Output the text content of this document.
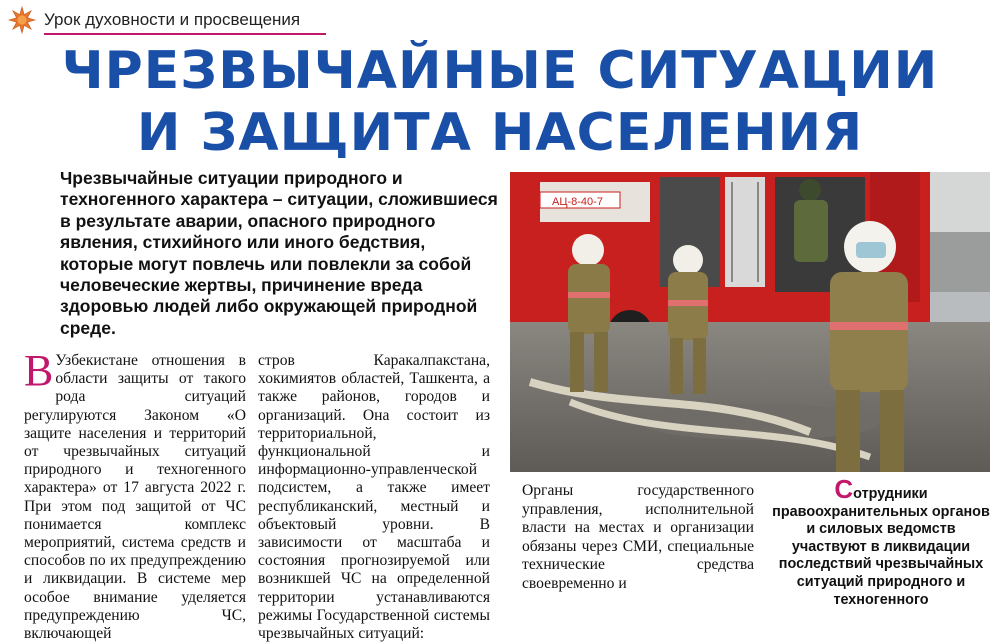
Урок духовности и просвещения
ЧРЕЗВЫЧАЙНЫЕ СИТУАЦИИ
И ЗАЩИТА НАСЕЛЕНИЯ

Чрезвычайные ситуации природного и техногенного характера – ситуации, сложившиеся в результате аварии, опасного природного явления, стихийного или иного бедствия, которые могут повлечь или повлекли за собой человеческие жертвы, причинение вреда здоровью людей либо окружающей природной среде.

В Узбекистане отношения в области защиты от такого рода ситуаций регулируются Законом «О защите населения и территорий от чрезвычайных ситуаций природного и техногенного характера» от 17 августа 2022 г. При этом под защитой от ЧС понимается комплекс мероприятий, система средств и способов по их предупреждению и ликвидации. В системе мер особое внимание уделяется предупреждению ЧС, включающей
стров Каракалпакстана, хокимиятов областей, Ташкента, а также районов, городов и организаций. Она состоит из территориальной, функциональной и информационно-управленческой подсистем, а также имеет республиканский, местный и объектовый уровни. В зависимости от масштаба и состояния прогнозируемой или возникшей ЧС на определенной территории устанавливаются режимы Государственной системы чрезвычайных ситуаций:
АЦ-8-40-7
Органы государственного управления, исполнительной власти на местах и организации обязаны через СМИ, специальные технические средства своевременно и
Сотрудники правоохранительных органов и силовых ведомств участвуют в ликвидации последствий чрезвычайных ситуаций природного и техногенного
